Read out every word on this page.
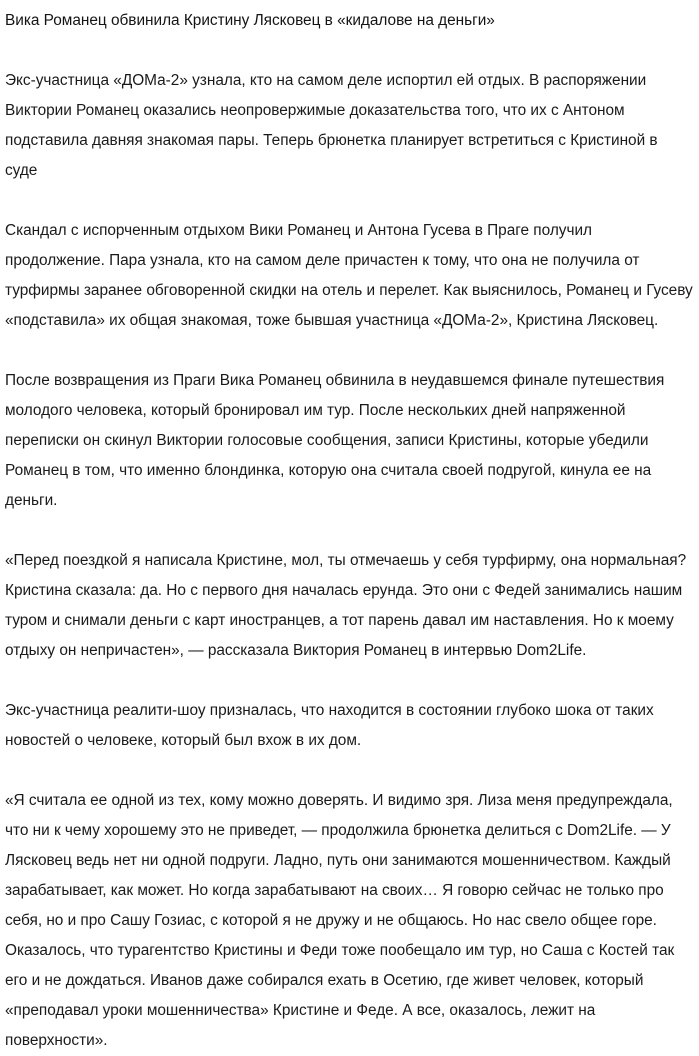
Вика Романец обвинила Кристину Лясковец в «кидалове на деньги»

Экс-участница «ДОМа-2» узнала, кто на самом деле испортил ей отдых. В распоряжении Виктории Романец оказались неопровержимые доказательства того, что их с Антоном подставила давняя знакомая пары. Теперь брюнетка планирует встретиться с Кристиной в суде

Скандал с испорченным отдыхом Вики Романец и Антона Гусева в Праге получил продолжение. Пара узнала, кто на самом деле причастен к тому, что она не получила от турфирмы заранее обговоренной скидки на отель и перелет. Как выяснилось, Романец и Гусеву «подставила» их общая знакомая, тоже бывшая участница «ДОМа-2», Кристина Лясковец.

После возвращения из Праги Вика Романец обвинила в неудавшемся финале путешествия молодого человека, который бронировал им тур. После нескольких дней напряженной переписки он скинул Виктории голосовые сообщения, записи Кристины, которые убедили Романец в том, что именно блондинка, которую она считала своей подругой, кинула ее на деньги.

«Перед поездкой я написала Кристине, мол, ты отмечаешь у себя турфирму, она нормальная? Кристина сказала: да. Но с первого дня началась ерунда. Это они с Федей занимались нашим туром и снимали деньги с карт иностранцев, а тот парень давал им наставления. Но к моему отдыху он непричастен», — рассказала Виктория Романец в интервью Dom2Life.

Экс-участница реалити-шоу призналась, что находится в состоянии глубоко шока от таких новостей о человеке, который был вхож в их дом.

«Я считала ее одной из тех, кому можно доверять. И видимо зря. Лиза меня предупреждала, что ни к чему хорошему это не приведет, — продолжила брюнетка делиться с Dom2Life. — У Лясковец ведь нет ни одной подруги. Ладно, путь они занимаются мошенничеством. Каждый зарабатывает, как может. Но когда зарабатывают на своих… Я говорю сейчас не только про себя, но и про Сашу Гозиас, с которой я не дружу и не общаюсь. Но нас свело общее горе. Оказалось, что турагентство Кристины и Феди тоже пообещало им тур, но Саша с Костей так его и не дождаться. Иванов даже собирался ехать в Осетию, где живет человек, который «преподавал уроки мошенничества» Кристине и Феде. А все, оказалось, лежит на поверхности».
